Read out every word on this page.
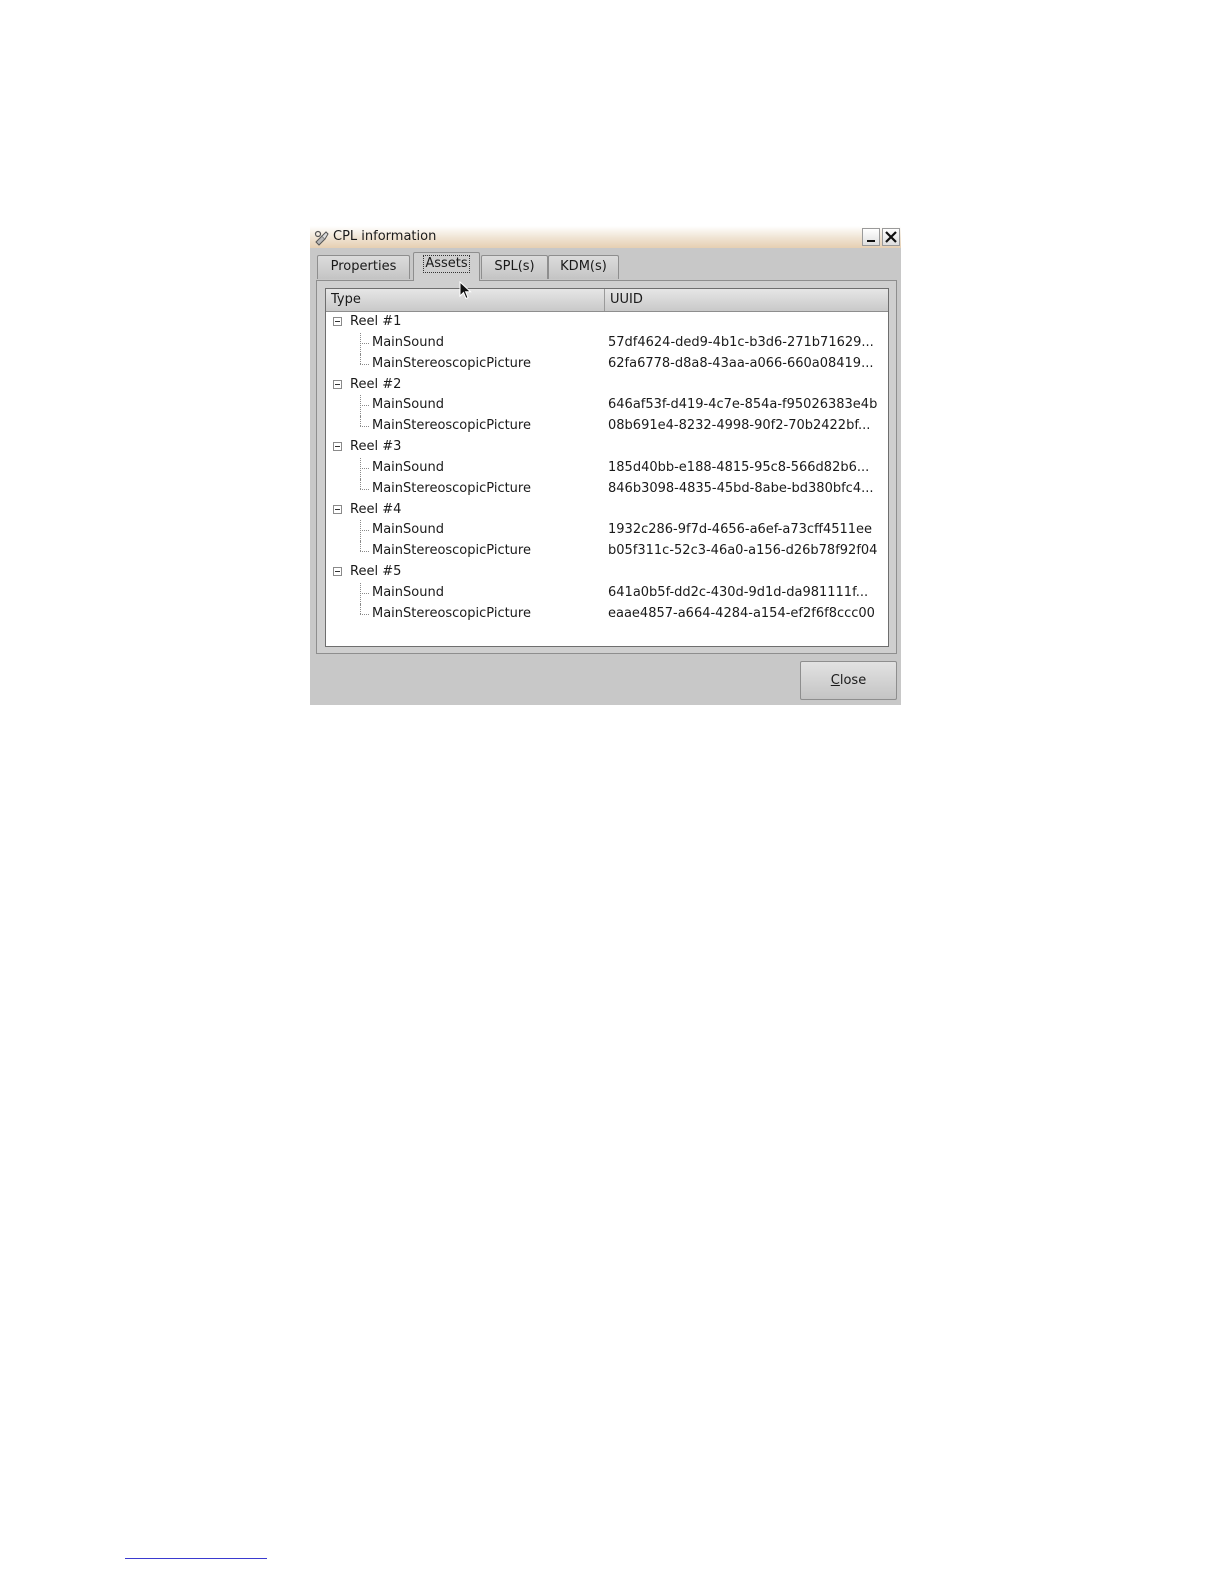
CPL information
Properties	Assets	SPL(s)	KDM(s)
Type	UUID
Reel #1
MainSound	57df4624-ded9-4b1c-b3d6-271b71629...
MainStereoscopicPicture	62fa6778-d8a8-43aa-a066-660a08419...
Reel #2
MainSound	646af53f-d419-4c7e-854a-f95026383e4b
MainStereoscopicPicture	08b691e4-8232-4998-90f2-70b2422bf...
Reel #3
MainSound	185d40bb-e188-4815-95c8-566d82b6...
MainStereoscopicPicture	846b3098-4835-45bd-8abe-bd380bfc4...
Reel #4
MainSound	1932c286-9f7d-4656-a6ef-a73cff4511ee
MainStereoscopicPicture	b05f311c-52c3-46a0-a156-d26b78f92f04
Reel #5
MainSound	641a0b5f-dd2c-430d-9d1d-da981111f...
MainStereoscopicPicture	eaae4857-a664-4284-a154-ef2f6f8ccc00
Close
